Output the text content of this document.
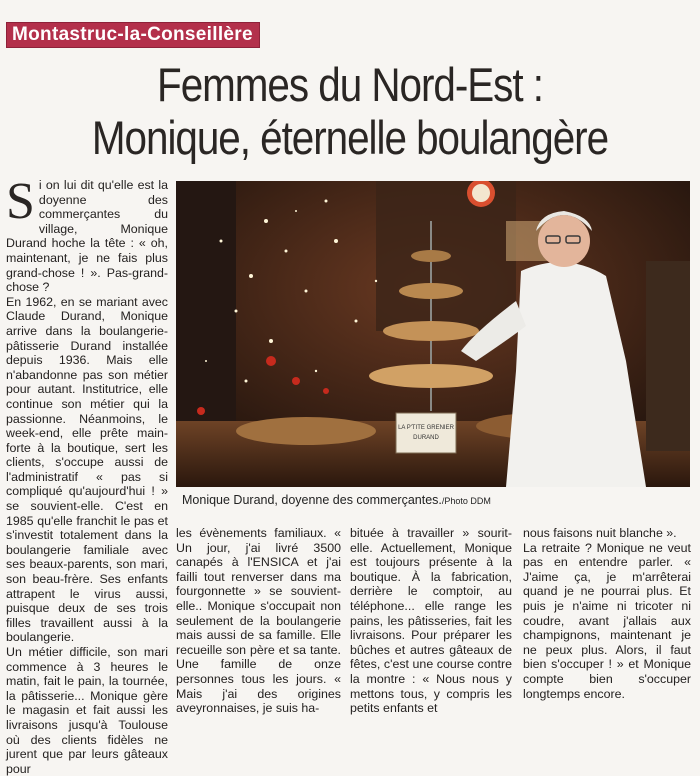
Montastruc-la-Conseillère
Femmes du Nord-Est :
Monique, éternelle boulangère
S i on lui dit qu'elle est la doyenne des commerçantes du village, Monique Durand hoche la tête : « oh, maintenant, je ne fais plus grand-chose ! ». Pas-grand-chose ?

En 1962, en se mariant avec Claude Durand, Monique arrive dans la boulangerie-pâtisserie Durand installée depuis 1936. Mais elle n'abandonne pas son métier pour autant. Institutrice, elle continue son métier qui la passionne. Néanmoins, le week-end, elle prête main-forte à la boutique, sert les clients, s'occupe aussi de l'administratif « pas si compliqué qu'aujourd'hui ! » se souvient-elle. C'est en 1985 qu'elle franchit le pas et s'investit totalement dans la boulangerie familiale avec ses beaux-parents, son mari, son beau-frère. Ses enfants attrapent le virus aussi, puisque deux de ses trois filles travaillent aussi à la boulangerie.

Un métier difficile, son mari commence à 3 heures le matin, fait le pain, la tournée, la pâtisserie... Monique gère le magasin et fait aussi les livraisons jusqu'à Toulouse où des clients fidèles ne jurent que par leurs gâteaux pour

LA P'TITE GRENIER
DURAND
Monique Durand, doyenne des commerçantes./Photo DDM

les évènements familiaux. « Un jour, j'ai livré 3500 canapés à l'ENSICA et j'ai failli tout renverser dans ma fourgonnette » se souvient-elle.. Monique s'occupait non seulement de la boulangerie mais aussi de sa famille. Elle recueille son père et sa tante. Une famille de onze personnes tous les jours. « Mais j'ai des origines aveyronnaises, je suis ha-

bituée à travailler » sourit-elle. Actuellement, Monique est toujours présente à la boutique. À la fabrication, derrière le comptoir, au téléphone... elle range les pains, les pâtisseries, fait les livraisons. Pour préparer les bûches et autres gâteaux de fêtes, c'est une course contre la montre : « Nous nous y mettons tous, y compris les petits enfants et

nous faisons nuit blanche ».

La retraite ? Monique ne veut pas en entendre parler. « J'aime ça, je m'arrêterai quand je ne pourrai plus. Et puis je n'aime ni tricoter ni coudre, avant j'allais aux champignons, maintenant je ne peux plus. Alors, il faut bien s'occuper ! » et Monique compte bien s'occuper longtemps encore.
